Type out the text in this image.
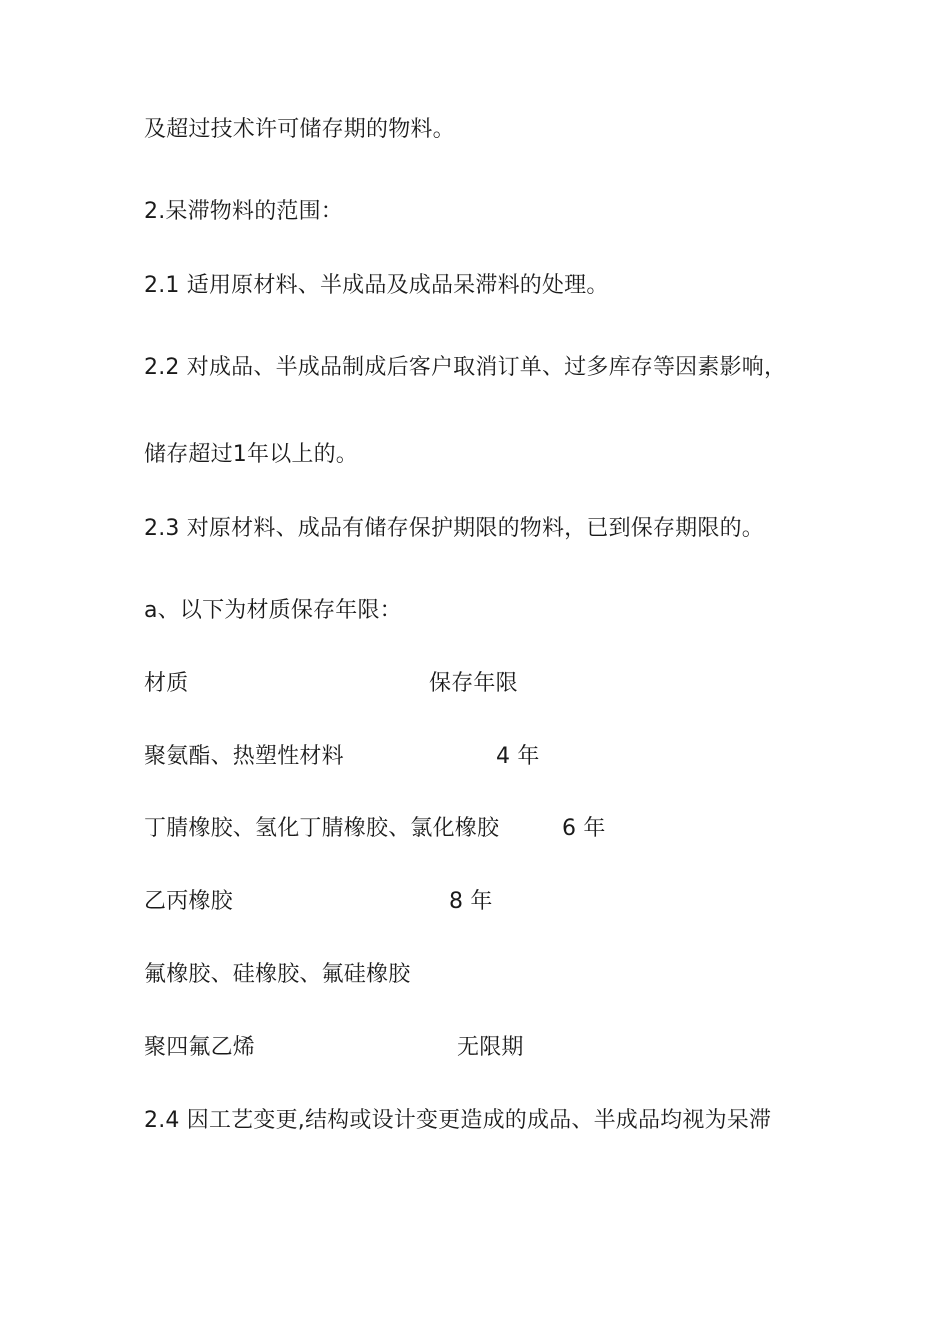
及超过技术许可储存期的物料。
2.呆滞物料的范围：
2.1 适用原材料、半成品及成品呆滞料的处理。
2.2 对成品、半成品制成后客户取消订单、过多库存等因素影响，
储存超过1年以上的。
2.3 对原材料、成品有储存保护期限的物料，已到保存期限的。
a、以下为材质保存年限：
材质	保存年限
聚氨酯、热塑性材料	4 年
丁腈橡胶、氢化丁腈橡胶、氯化橡胶	6 年
乙丙橡胶	8 年
氟橡胶、硅橡胶、氟硅橡胶
聚四氟乙烯	无限期
2.4 因工艺变更,结构或设计变更造成的成品、半成品均视为呆滞
